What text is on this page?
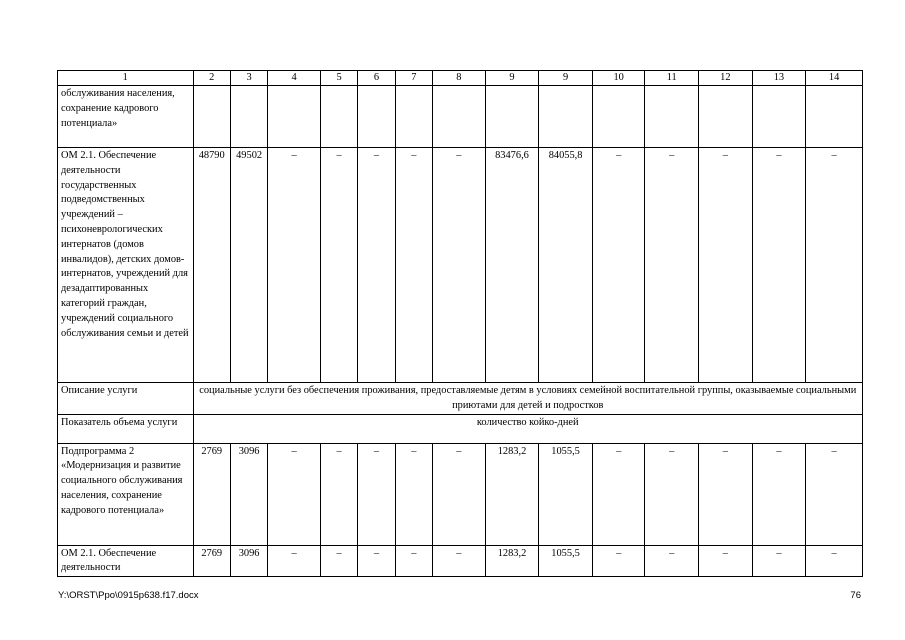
1	2	3	4	5	6	7	8	9	9	10	11	12	13	14
обслуживания населения, сохранение кадрового потенциала»														
ОМ 2.1. Обеспечение деятельности государственных подведомственных учреждений – психоневрологических интернатов (домов инвалидов), детских домов-интернатов, учреждений для дезадаптированных категорий граждан, учреждений социального обслуживания семьи и детей	48790	49502	–	–	–	–	–	83476,6	84055,8	–	–	–	–	–
Описание услуги	социальные услуги без обеспечения проживания, предоставляемые детям в условиях семейной воспитательной группы, оказываемые социальными приютами для детей и подростков													
Показатель объема услуги	количество койко-дней													
Подпрограмма 2 «Модернизация и развитие социального обслуживания населения, сохранение кадрового потенциала»	2769	3096	–	–	–	–	–	1283,2	1055,5	–	–	–	–	–
ОМ 2.1. Обеспечение деятельности	2769	3096	–	–	–	–	–	1283,2	1055,5	–	–	–	–	–
Y:\ORST\Ppo\0915p638.f17.docx	76
